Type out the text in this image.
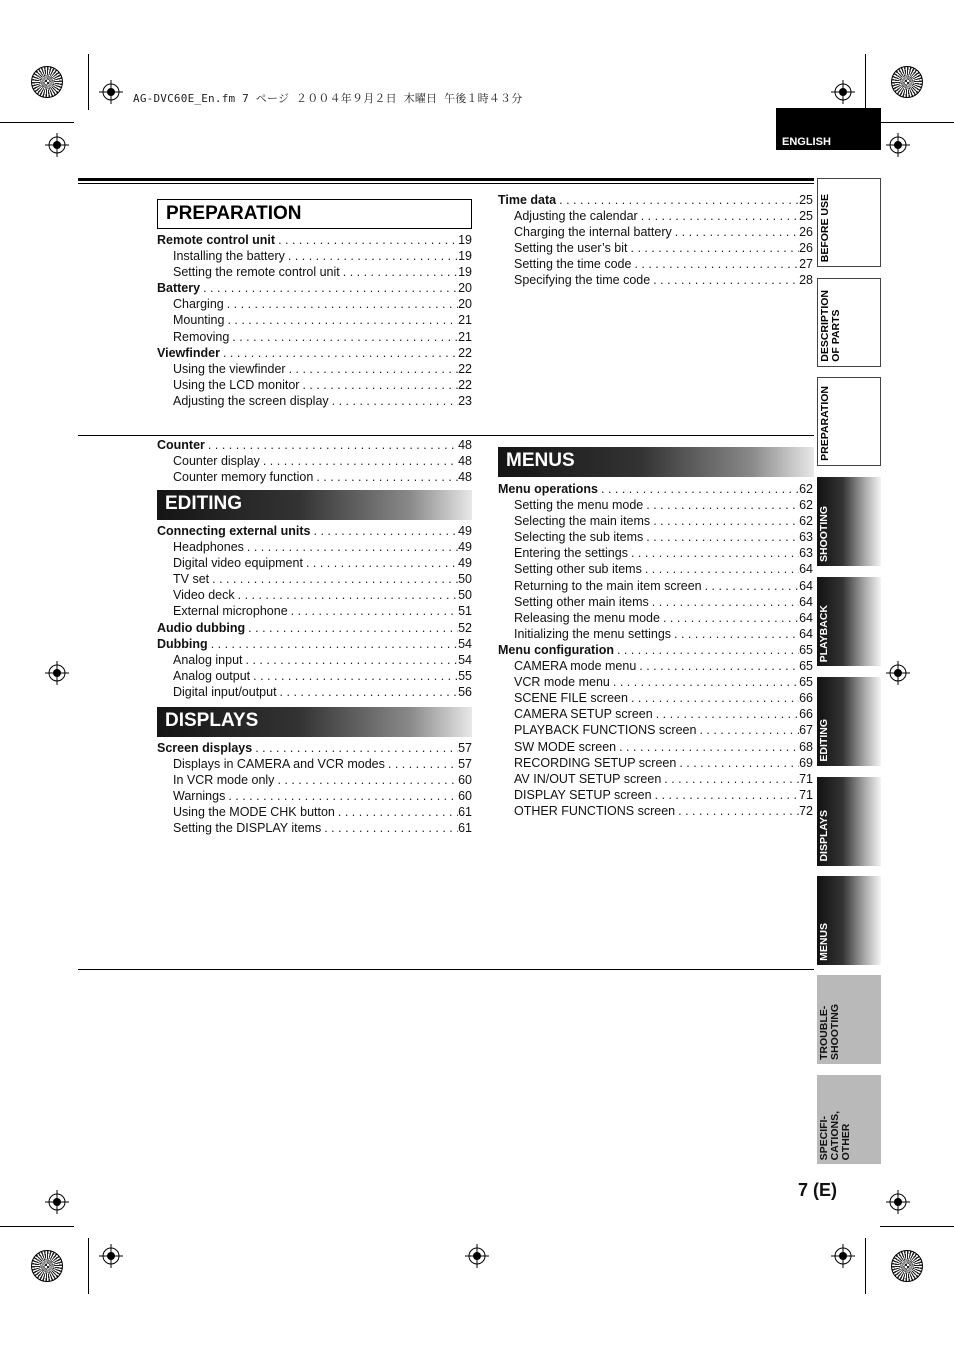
AG-DVC60E_En.fm 7 ページ ２００４年９月２日 木曜日 午後１時４３分
ENGLISH
PREPARATION
EDITING
DISPLAYS
MENUS
Remote control unit . . .	19
Installing the battery . . .	19
Setting the remote control unit . . .	19
Battery . . .	20
Charging . . .	20
Mounting . . .	21
Removing . . .	21
Viewfinder . . .	22
Using the viewfinder . . .	22
Using the LCD monitor . . .	22
Adjusting the screen display . . .	23
Counter . . .	48
Counter display . . .	48
Counter memory function . . .	48
Connecting external units . . .	49
Headphones . . .	49
Digital video equipment . . .	49
TV set . . .	50
Video deck . . .	50
External microphone . . .	51
Audio dubbing . . .	52
Dubbing . . .	54
Analog input . . .	54
Analog output . . .	55
Digital input/output . . .	56
Screen displays . . .	57
Displays in CAMERA and VCR modes . . .	57
In VCR mode only . . .	60
Warnings . . .	60
Using the MODE CHK button . . .	61
Setting the DISPLAY items . . .	61
Time data . . .	25
Adjusting the calendar . . .	25
Charging the internal battery . . .	26
Setting the user’s bit . . .	26
Setting the time code . . .	27
Specifying the time code . . .	28
Menu operations . . .	62
Setting the menu mode . . .	62
Selecting the main items . . .	62
Selecting the sub items . . .	63
Entering the settings . . .	63
Setting other sub items . . .	64
Returning to the main item screen . . .	64
Setting other main items . . .	64
Releasing the menu mode . . .	64
Initializing the menu settings . . .	64
Menu configuration . . .	65
CAMERA mode menu . . .	65
VCR mode menu . . .	65
SCENE FILE screen . . .	66
CAMERA SETUP screen . . .	66
PLAYBACK FUNCTIONS screen . . .	67
SW MODE screen . . .	68
RECORDING SETUP screen . . .	69
AV IN/OUT SETUP screen . . .	71
DISPLAY SETUP screen . . .	71
OTHER FUNCTIONS screen . . .	72
BEFORE USE
DESCRIPTION
OF PARTS
PREPARATION
SHOOTING
PLAYBACK
EDITING
DISPLAYS
MENUS
TROUBLE-
SHOOTING
SPECIFI-
CATIONS,
OTHER
7 (E)
